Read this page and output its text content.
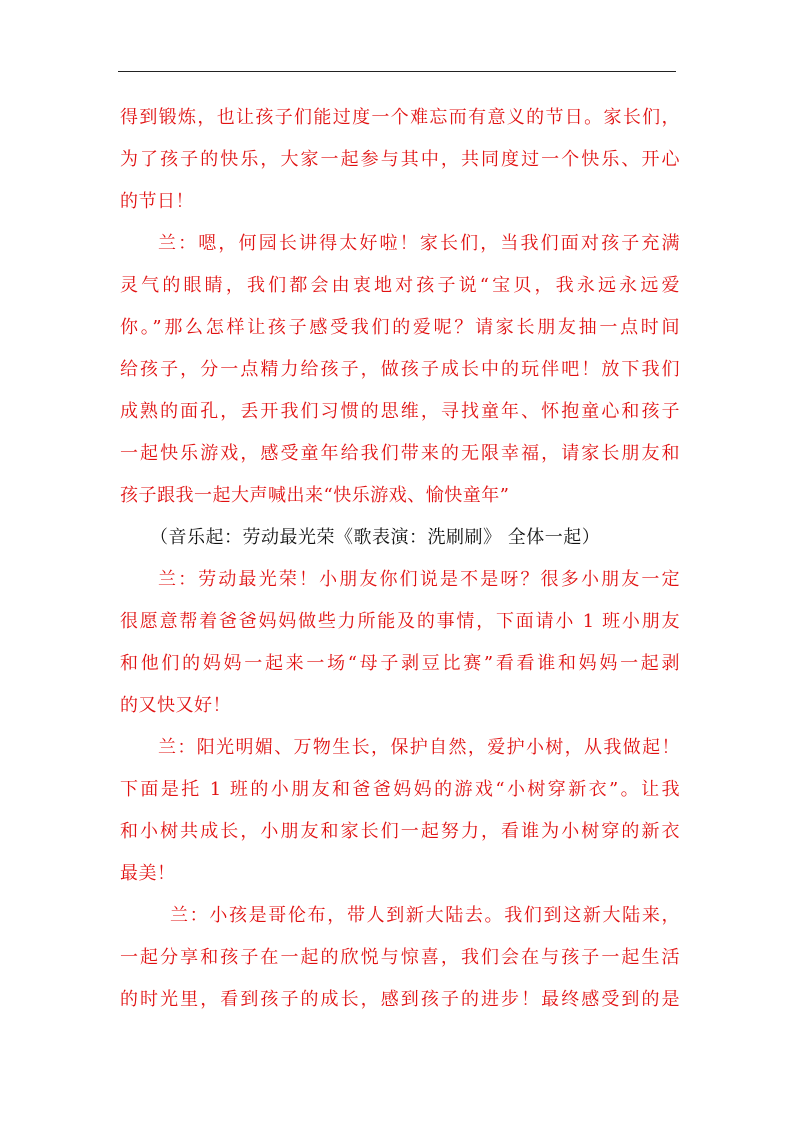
得到锻炼，也让孩子们能过度一个难忘而有意义的节日。家长们，
为了孩子的快乐，大家一起参与其中，共同度过一个快乐、开心
的节日！
兰：嗯，何园长讲得太好啦！家长们，当我们面对孩子充满
灵气的眼睛，我们都会由衷地对孩子说“宝贝，我永远永远爱
你。”那么怎样让孩子感受我们的爱呢？请家长朋友抽一点时间
给孩子，分一点精力给孩子，做孩子成长中的玩伴吧！放下我们
成熟的面孔，丢开我们习惯的思维，寻找童年、怀抱童心和孩子
一起快乐游戏，感受童年给我们带来的无限幸福，请家长朋友和
孩子跟我一起大声喊出来“快乐游戏、愉快童年”
（音乐起：劳动最光荣《歌表演：洗刷刷》 全体一起）
兰：劳动最光荣！小朋友你们说是不是呀？很多小朋友一定
很愿意帮着爸爸妈妈做些力所能及的事情，下面请小 1 班小朋友
和他们的妈妈一起来一场“母子剥豆比赛”看看谁和妈妈一起剥
的又快又好！
兰：阳光明媚、万物生长，保护自然，爱护小树，从我做起！
下面是托 1 班的小朋友和爸爸妈妈的游戏“小树穿新衣”。让我
和小树共成长，小朋友和家长们一起努力，看谁为小树穿的新衣
最美！
兰：小孩是哥伦布，带人到新大陆去。我们到这新大陆来，
一起分享和孩子在一起的欣悦与惊喜，我们会在与孩子一起生活
的时光里，看到孩子的成长，感到孩子的进步！最终感受到的是
